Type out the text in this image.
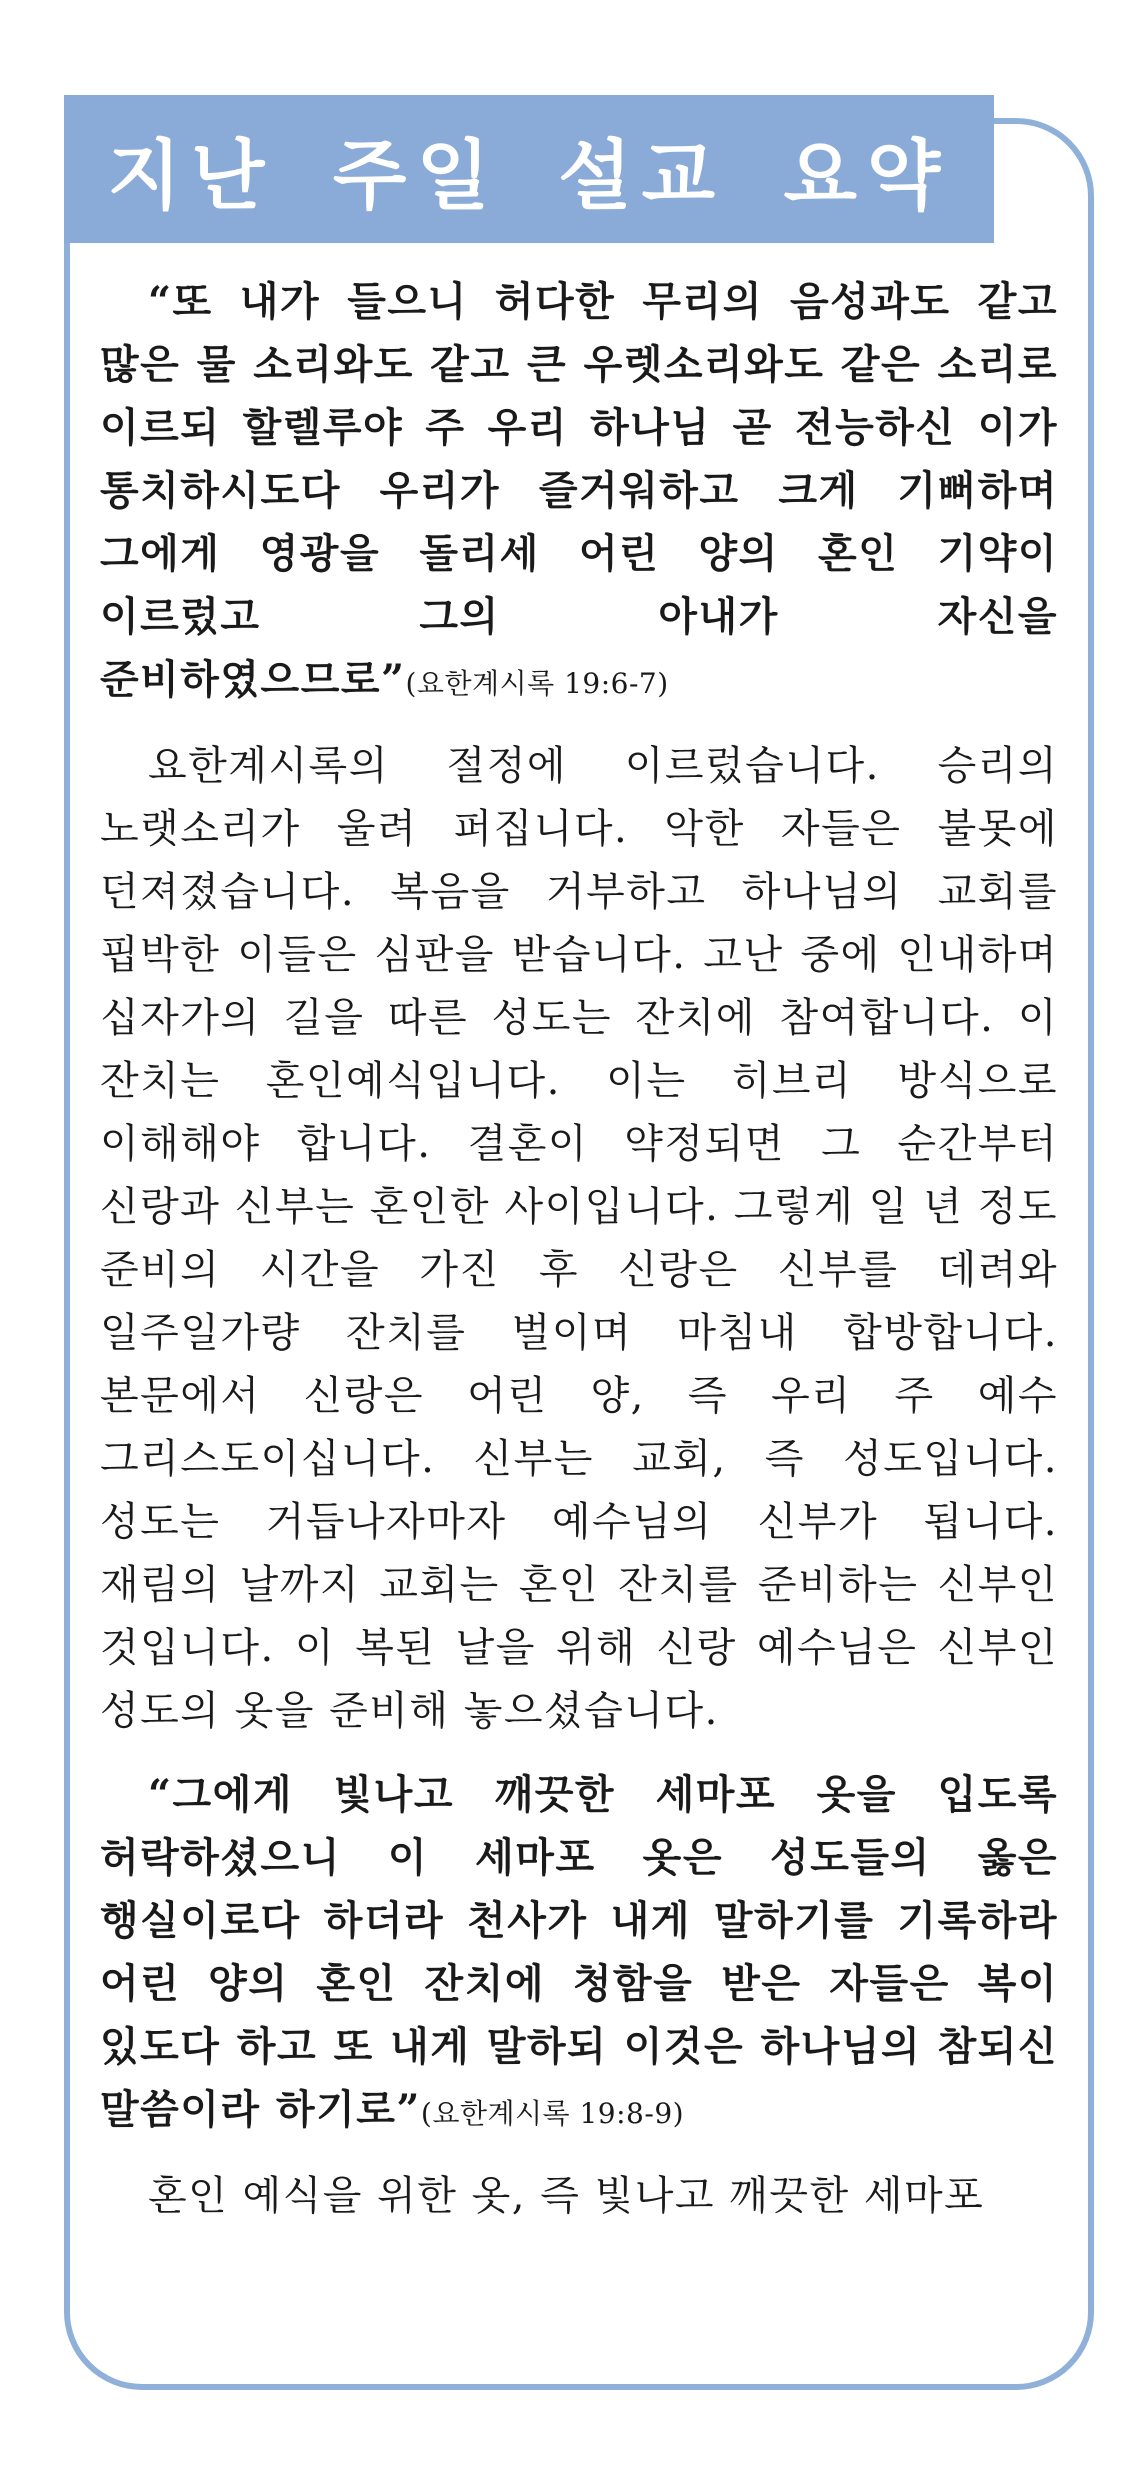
지난 주일 설교 요약

“또 내가 들으니 허다한 무리의 음성과도 같고 많은 물 소리와도 같고 큰 우렛소리와도 같은 소리로 이르되 할렐루야 주 우리 하나님 곧 전능하신 이가 통치하시도다 우리가 즐거워하고 크게 기뻐하며 그에게 영광을 돌리세 어린 양의 혼인 기약이 이르렀고 그의 아내가 자신을 준비하였으므로”(요한계시록 19:6-7)

요한계시록의 절정에 이르렀습니다. 승리의 노랫소리가 울려 퍼집니다. 악한 자들은 불못에 던져졌습니다. 복음을 거부하고 하나님의 교회를 핍박한 이들은 심판을 받습니다. 고난 중에 인내하며 십자가의 길을 따른 성도는 잔치에 참여합니다. 이 잔치는 혼인예식입니다. 이는 히브리 방식으로 이해해야 합니다. 결혼이 약정되면 그 순간부터 신랑과 신부는 혼인한 사이입니다. 그렇게 일 년 정도 준비의 시간을 가진 후 신랑은 신부를 데려와 일주일가량 잔치를 벌이며 마침내 합방합니다. 본문에서 신랑은 어린 양, 즉 우리 주 예수 그리스도이십니다. 신부는 교회, 즉 성도입니다. 성도는 거듭나자마자 예수님의 신부가 됩니다. 재림의 날까지 교회는 혼인 잔치를 준비하는 신부인 것입니다. 이 복된 날을 위해 신랑 예수님은 신부인 성도의 옷을 준비해 놓으셨습니다.

“그에게 빛나고 깨끗한 세마포 옷을 입도록 허락하셨으니 이 세마포 옷은 성도들의 옳은 행실이로다 하더라 천사가 내게 말하기를 기록하라 어린 양의 혼인 잔치에 청함을 받은 자들은 복이 있도다 하고 또 내게 말하되 이것은 하나님의 참되신 말씀이라 하기로”(요한계시록 19:8-9)

혼인 예식을 위한 옷, 즉 빛나고 깨끗한 세마포
